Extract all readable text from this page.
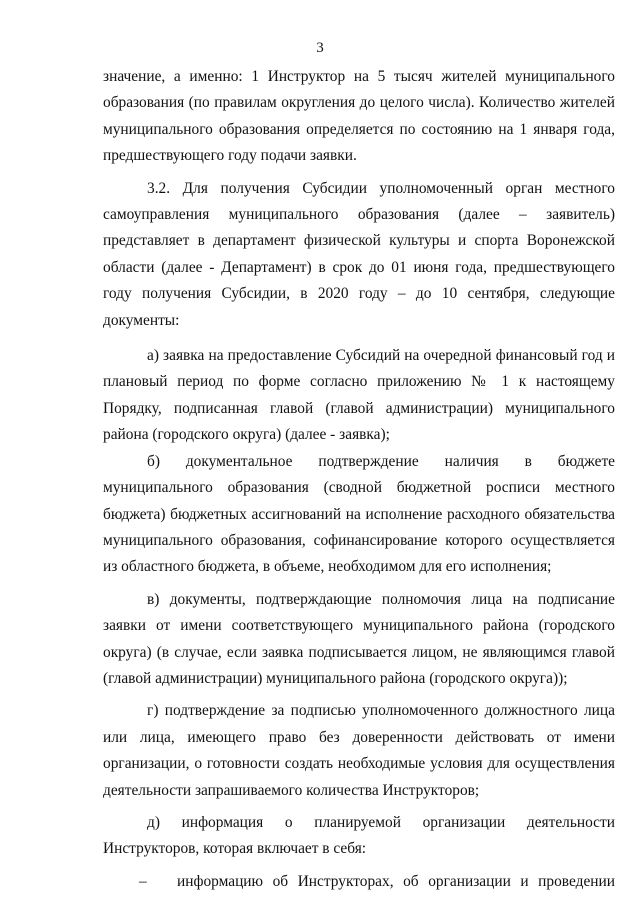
3

значение, а именно: 1 Инструктор на 5 тысяч жителей муниципального образования (по правилам округления до целого числа). Количество жителей муниципального образования определяется по состоянию на 1 января года, предшествующего году подачи заявки.

3.2. Для получения Субсидии уполномоченный орган местного самоуправления муниципального образования (далее – заявитель) представляет в департамент физической культуры и спорта Воронежской области (далее - Департамент) в срок до 01 июня года, предшествующего году получения Субсидии, в 2020 году – до 10 сентября, следующие документы:

а) заявка на предоставление Субсидий на очередной финансовый год и плановый период по форме согласно приложению № 1 к настоящему Порядку, подписанная главой (главой администрации) муниципального района (городского округа) (далее - заявка);

б) документальное подтверждение наличия в бюджете муниципального образования (сводной бюджетной росписи местного бюджета) бюджетных ассигнований на исполнение расходного обязательства муниципального образования, софинансирование которого осуществляется из областного бюджета, в объеме, необходимом для его исполнения;

в) документы, подтверждающие полномочия лица на подписание заявки от имени соответствующего муниципального района (городского округа) (в случае, если заявка подписывается лицом, не являющимся главой (главой администрации) муниципального района (городского округа));

г) подтверждение за подписью уполномоченного должностного лица или лица, имеющего право без доверенности действовать от имени организации, о готовности создать необходимые условия для осуществления деятельности запрашиваемого количества Инструкторов;

д) информация о планируемой организации деятельности

Инструкторов, которая включает в себя:

–	информацию об Инструкторах, об организации и проведении
